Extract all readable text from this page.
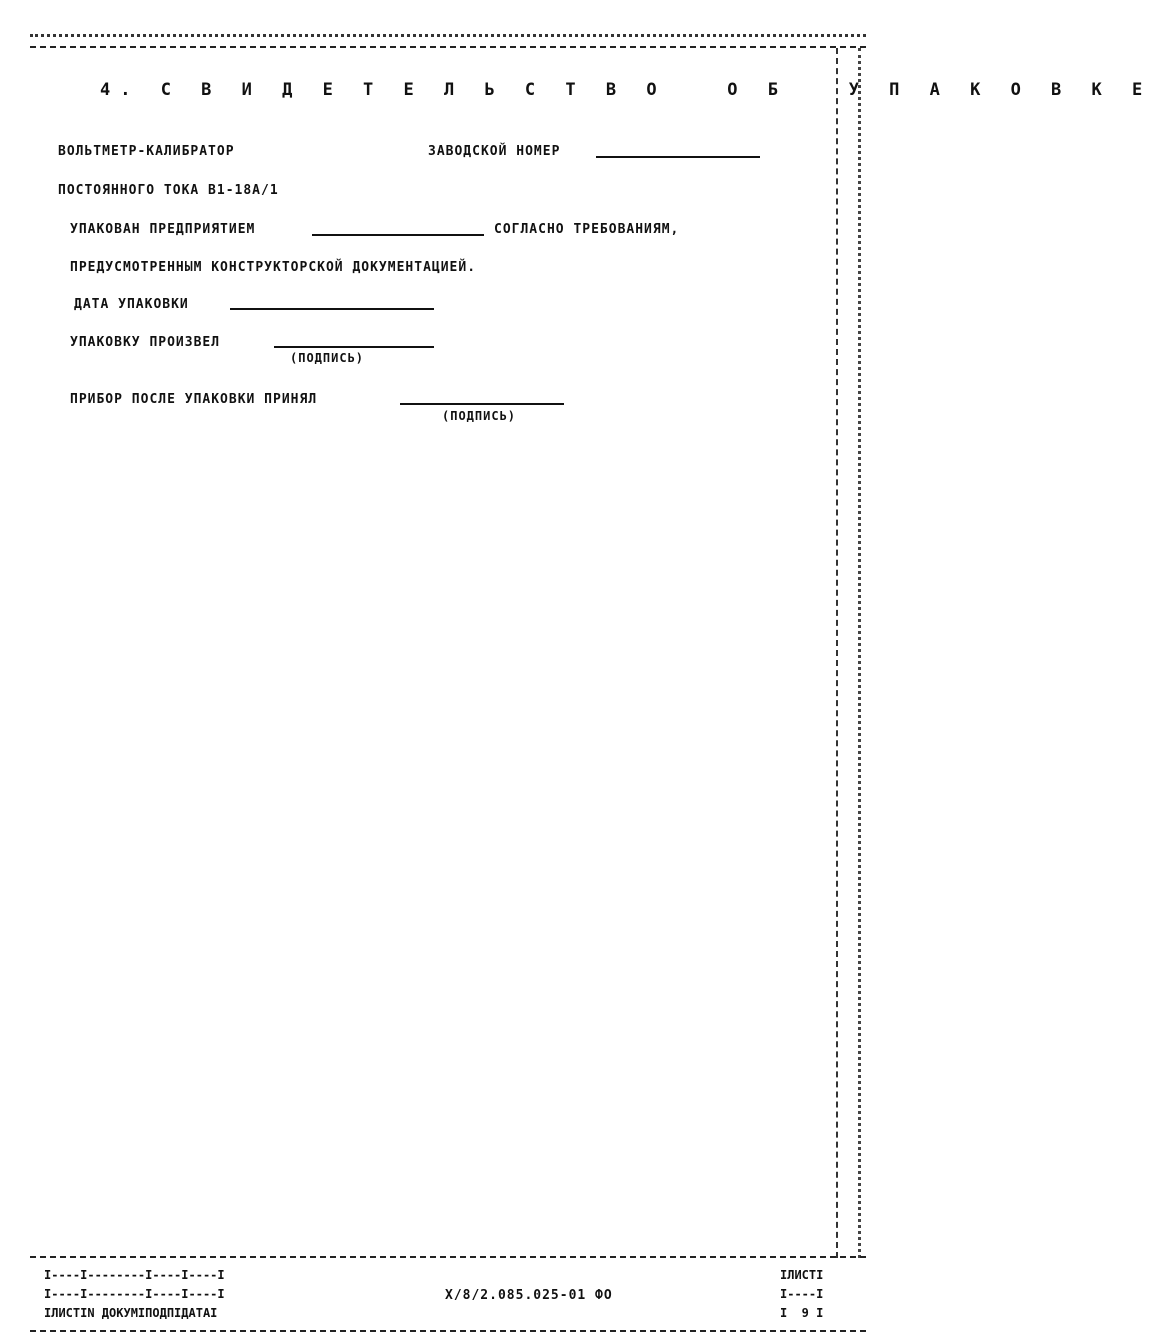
4. С В И Д Е Т Е Л Ь С Т В О   О Б   У П А К О В К Е
ВОЛЬТМЕТР-КАЛИБРАТОР	ЗАВОДСКОЙ НОМЕР
ПОСТОЯННОГО ТОКА В1-18А/1
УПАКОВАН ПРЕДПРИЯТИЕМ	СОГЛАСНО ТРЕБОВАНИЯМ,
ПРЕДУСМОТРЕННЫМ КОНСТРУКТОРСКОЙ ДОКУМЕНТАЦИЕЙ.
ДАТА УПАКОВКИ
УПАКОВКУ ПРОИЗВЕЛ
(ПОДПИСЬ)
ПРИБОР ПОСЛЕ УПАКОВКИ ПРИНЯЛ
(ПОДПИСЬ)
I----I--------I----I----I
I----I--------I----I----I
IЛИСТIN ДОКУМIПОДПIДАТАI
X/8/2.085.025-01 ФО
IЛИСТI
I----I
I  9 I
